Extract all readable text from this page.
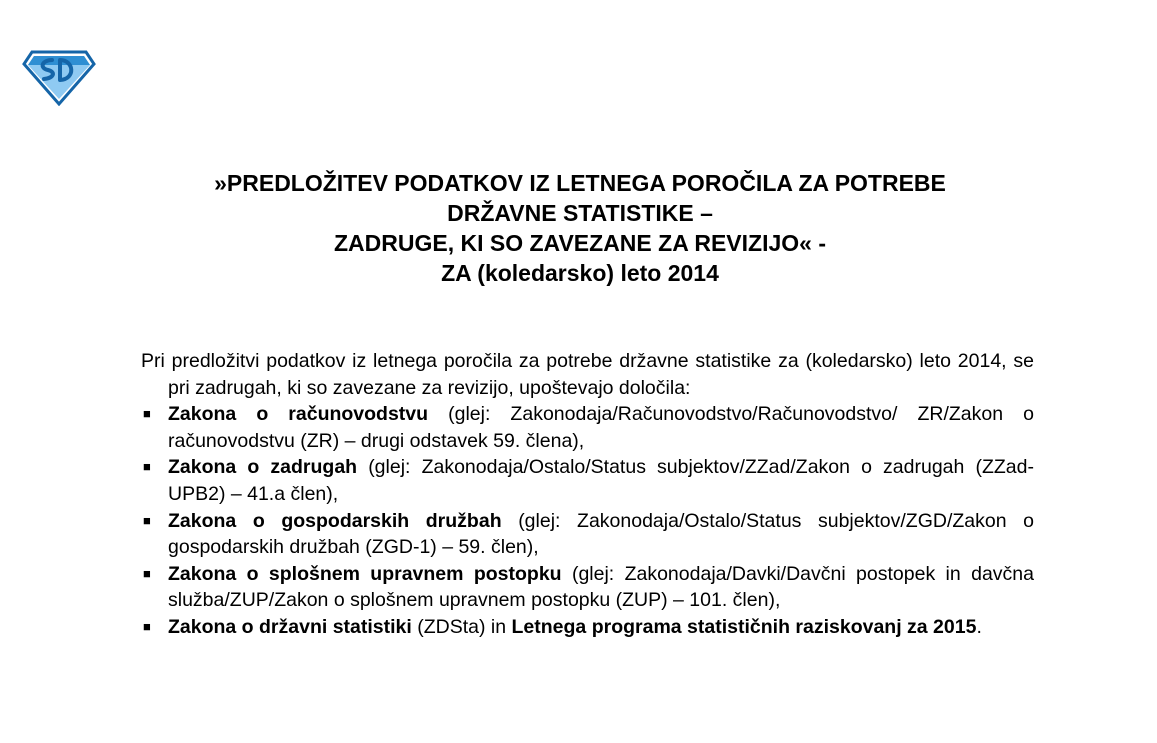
»PREDLOŽITEV PODATKOV IZ LETNEGA POROČILA ZA POTREBE
DRŽAVNE STATISTIKE –
ZADRUGE, KI SO ZAVEZANE ZA REVIZIJO« -
ZA (koledarsko) leto 2014

Pri predložitvi podatkov iz letnega poročila za potrebe državne statistike za (koledarsko) leto 2014, se pri zadrugah, ki so zavezane za revizijo, upoštevajo določila:

■ Zakona o računovodstvu (glej: Zakonodaja/Računovodstvo/Računovodstvo/ ZR/Zakon o računovodstvu (ZR) – drugi odstavek 59. člena),
■ Zakona o zadrugah (glej: Zakonodaja/Ostalo/Status subjektov/ZZad/Zakon o zadrugah (ZZad-UPB2) – 41.a člen),
■ Zakona o gospodarskih družbah (glej: Zakonodaja/Ostalo/Status subjektov/ZGD/Zakon o gospodarskih družbah (ZGD-1) – 59. člen),
■ Zakona o splošnem upravnem postopku (glej: Zakonodaja/Davki/Davčni postopek in davčna služba/ZUP/Zakon o splošnem upravnem postopku (ZUP) – 101. člen),
■ Zakona o državni statistiki (ZDSta) in Letnega programa statističnih raziskovanj za 2015.
